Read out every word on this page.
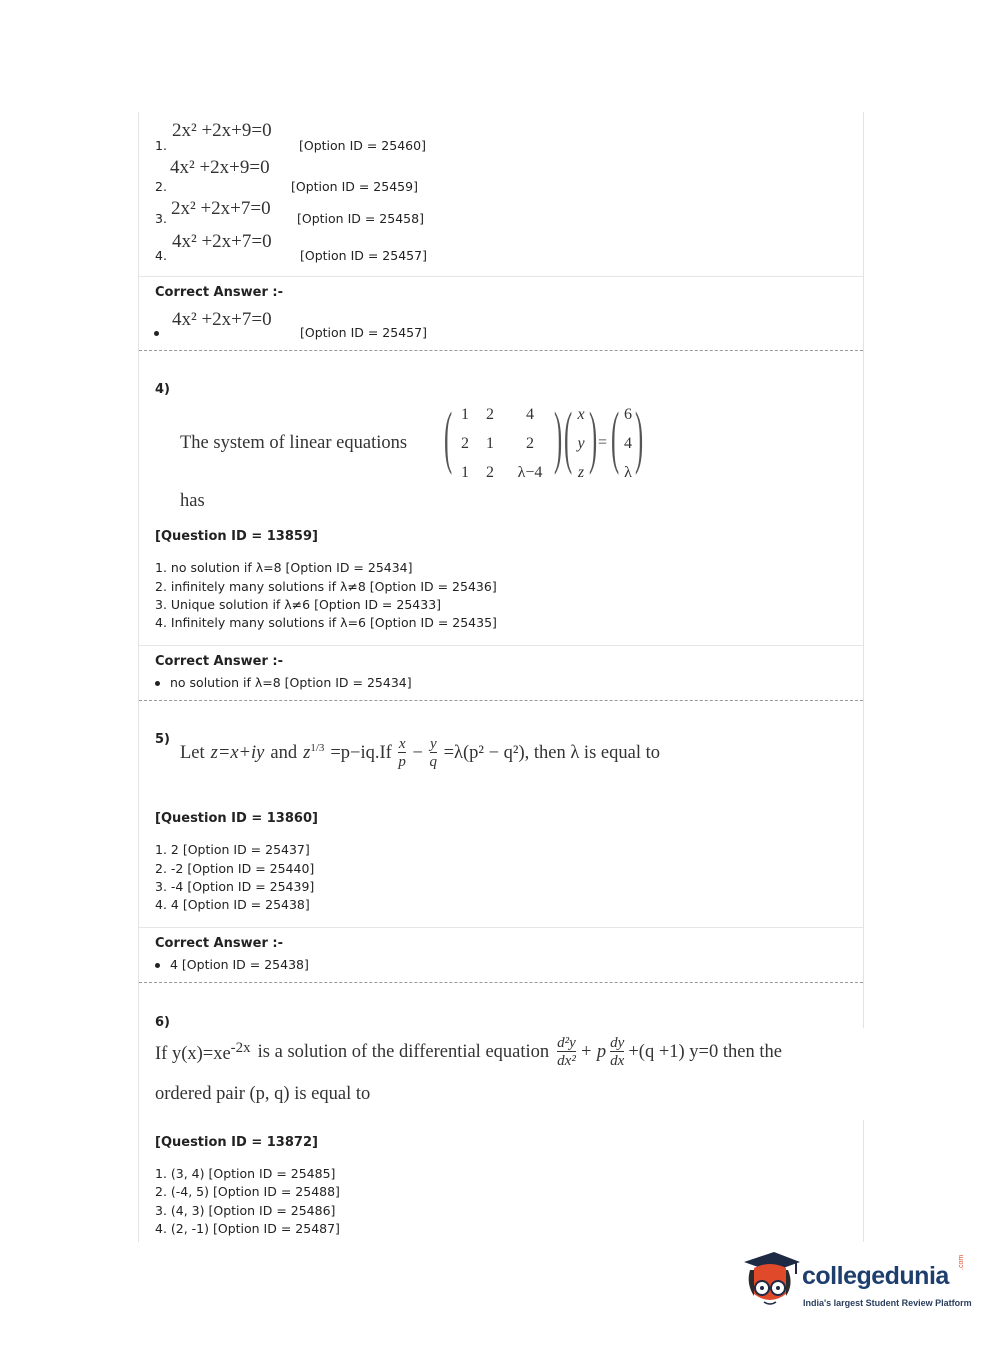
1.
2x² +2x+9=0
[Option ID = 25460]
2.
4x² +2x+9=0
[Option ID = 25459]
3. 2x² +2x+7=0 [Option ID = 25458]
4.
4x² +2x+7=0
[Option ID = 25457]
Correct Answer :-
4x² +2x+7=0
[Option ID = 25457]
4)
The system of linear equations ( 1	2	4
2	1	2
1	2	λ−4 ) ( x
y
z ) = ( 6
4
λ )
has
[Question ID = 13859]
1. no solution if λ=8 [Option ID = 25434]
2. infinitely many solutions if λ≠8 [Option ID = 25436]
3. Unique solution if λ≠6 [Option ID = 25433]
4. Infinitely many solutions if λ=6 [Option ID = 25435]
Correct Answer :-
no solution if λ=8 [Option ID = 25434]
5)
Let z=x+iy and $z^{1/3} =p-iq.If \frac{x}{p} - \frac{y}{q} =\lambda(p^2 - q^2)$, then λ is equal to
[Question ID = 13860]
1. 2 [Option ID = 25437]
2. -2 [Option ID = 25440]
3. -4 [Option ID = 25439]
4. 4 [Option ID = 25438]
Correct Answer :-
4 [Option ID = 25438]
6)
If $y(x)=xe^{-2x}$ is a solution of the differential equation $\frac{\text{d²y}}{\text{dx²}} + p \frac{dy}{dx} +(q +1)$ y=0 then the
ordered pair (p, q) is equal to
[Question ID = 13872]
1. (3, 4) [Option ID = 25485]
2. (-4, 5) [Option ID = 25488]
3. (4, 3) [Option ID = 25486]
4. (2, -1) [Option ID = 25487]
collegedunia .com
India's largest Student Review Platform
